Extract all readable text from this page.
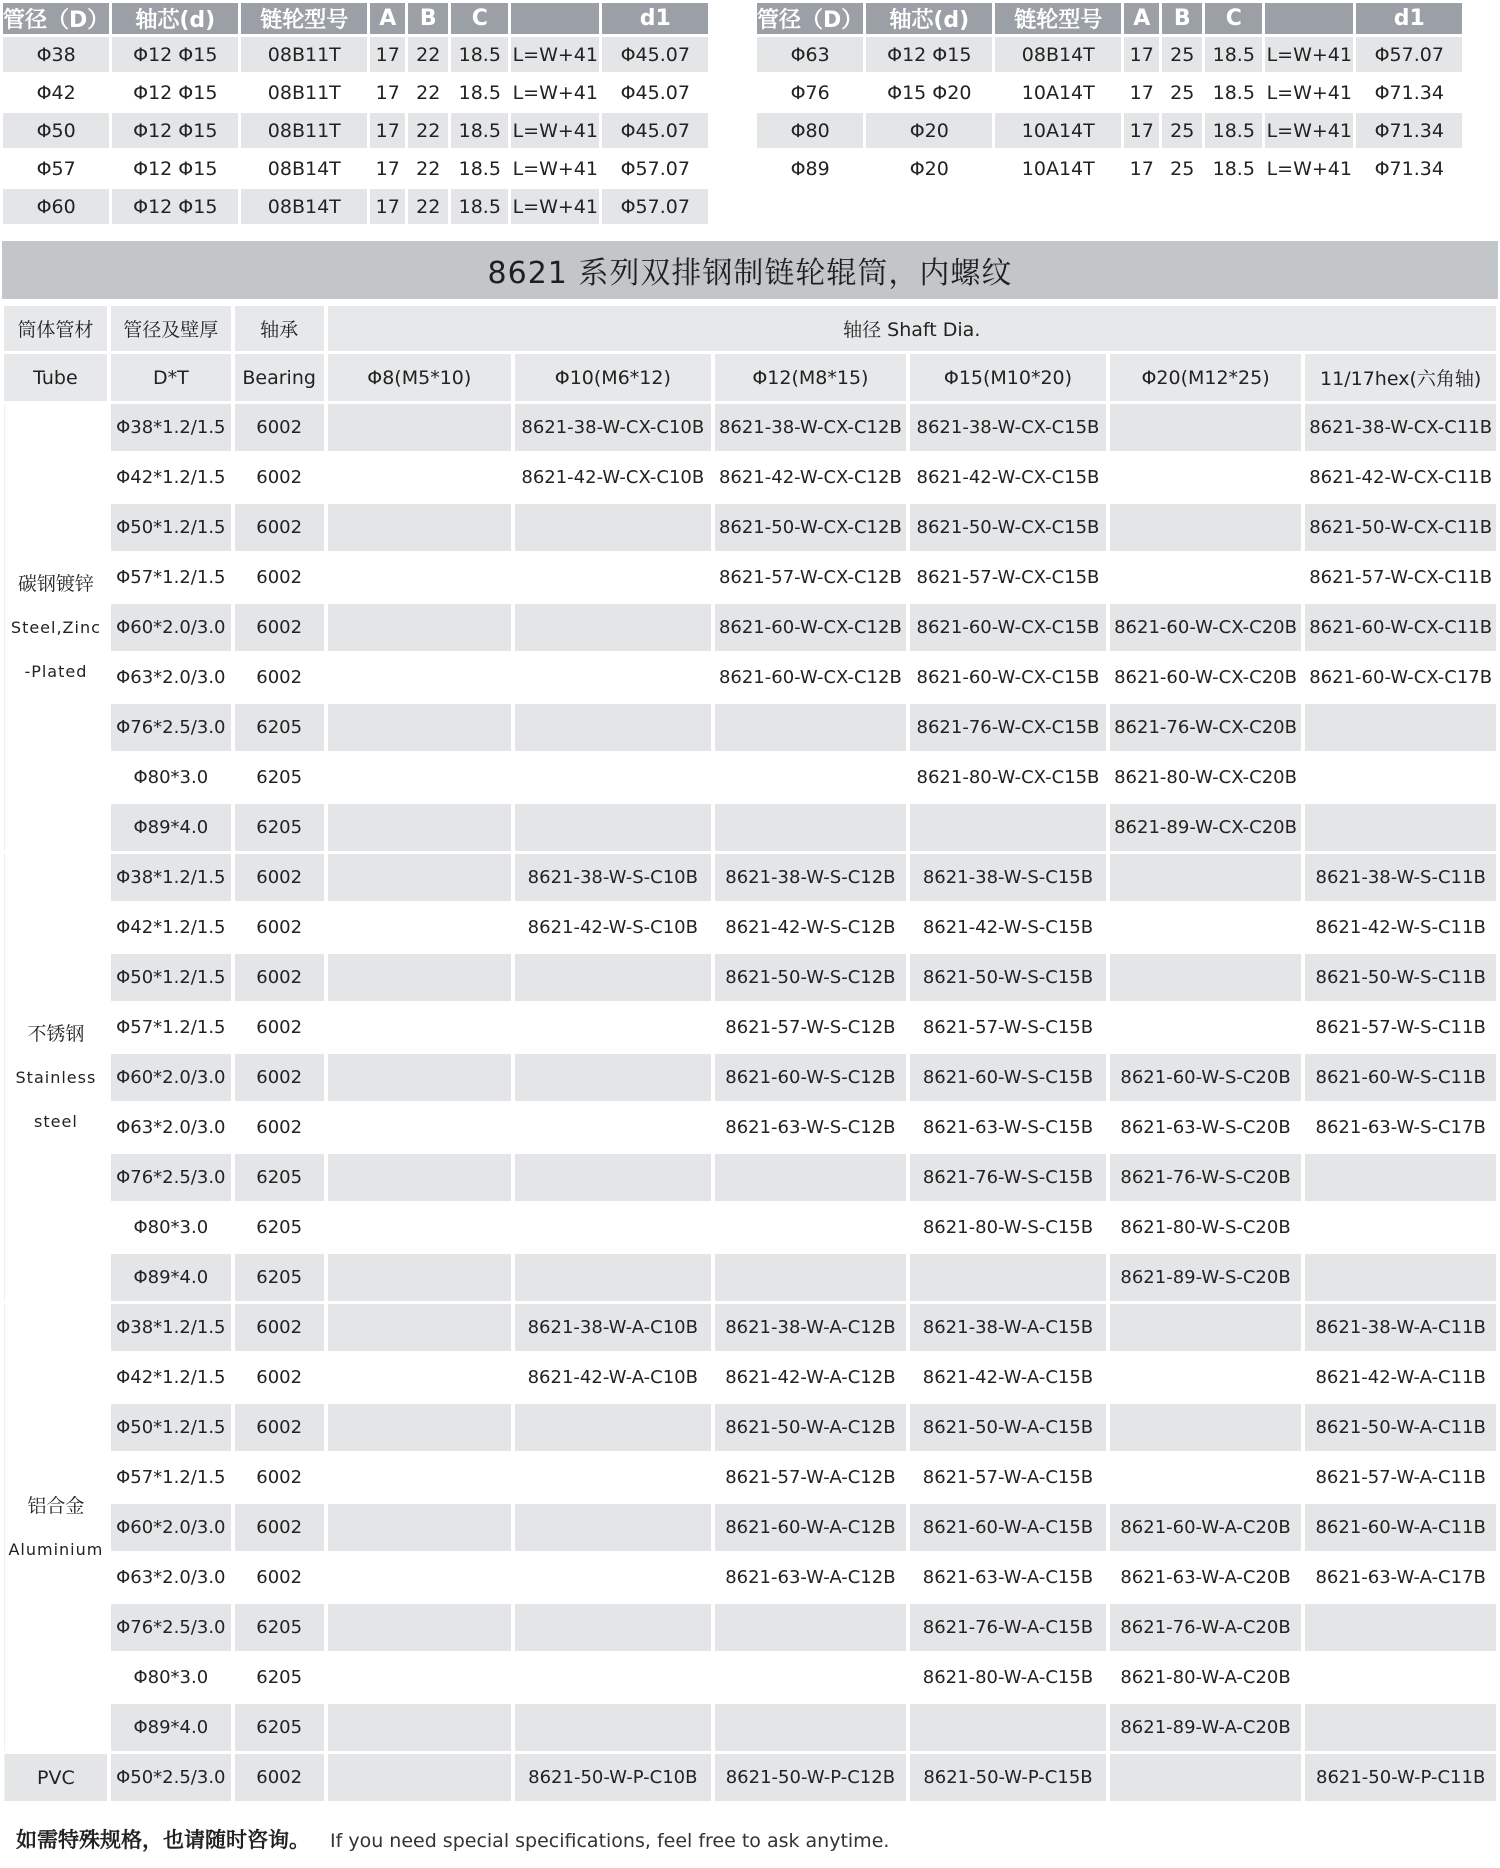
管径（D）	轴芯(d)	链轮型号	A	B	C		d1
Φ38	Φ12 Φ15	08B11T	17	22	18.5	L=W+41	Φ45.07
Φ42	Φ12 Φ15	08B11T	17	22	18.5	L=W+41	Φ45.07
Φ50	Φ12 Φ15	08B11T	17	22	18.5	L=W+41	Φ45.07
Φ57	Φ12 Φ15	08B14T	17	22	18.5	L=W+41	Φ57.07
Φ60	Φ12 Φ15	08B14T	17	22	18.5	L=W+41	Φ57.07
管径（D）	轴芯(d)	链轮型号	A	B	C		d1
Φ63	Φ12 Φ15	08B14T	17	25	18.5	L=W+41	Φ57.07
Φ76	Φ15 Φ20	10A14T	17	25	18.5	L=W+41	Φ71.34
Φ80	Φ20	10A14T	17	25	18.5	L=W+41	Φ71.34
Φ89	Φ20	10A14T	17	25	18.5	L=W+41	Φ71.34
8621 系列双排钢制链轮辊筒，内螺纹
筒体管材	管径及壁厚	轴承	轴径 Shaft Dia.					
Tube	D*T	Bearing	Φ8(M5*10)	Φ10(M6*12)	Φ12(M8*15)	Φ15(M10*20)	Φ20(M12*25)	11/17hex(六角轴)

碳钢镀锌
Steel,Zinc
-Plated	Φ38*1.2/1.5	6002		8621-38-W-CX-C10B	8621-38-W-CX-C12B	8621-38-W-CX-C15B		8621-38-W-CX-C11B
	Φ42*1.2/1.5	6002		8621-42-W-CX-C10B	8621-42-W-CX-C12B	8621-42-W-CX-C15B		8621-42-W-CX-C11B
	Φ50*1.2/1.5	6002			8621-50-W-CX-C12B	8621-50-W-CX-C15B		8621-50-W-CX-C11B
	Φ57*1.2/1.5	6002			8621-57-W-CX-C12B	8621-57-W-CX-C15B		8621-57-W-CX-C11B
	Φ60*2.0/3.0	6002			8621-60-W-CX-C12B	8621-60-W-CX-C15B	8621-60-W-CX-C20B	8621-60-W-CX-C11B
	Φ63*2.0/3.0	6002			8621-60-W-CX-C12B	8621-60-W-CX-C15B	8621-60-W-CX-C20B	8621-60-W-CX-C17B
	Φ76*2.5/3.0	6205				8621-76-W-CX-C15B	8621-76-W-CX-C20B	
	Φ80*3.0	6205				8621-80-W-CX-C15B	8621-80-W-CX-C20B	
	Φ89*4.0	6205					8621-89-W-CX-C20B	

不锈钢
Stainless
steel	Φ38*1.2/1.5	6002		8621-38-W-S-C10B	8621-38-W-S-C12B	8621-38-W-S-C15B		8621-38-W-S-C11B
	Φ42*1.2/1.5	6002		8621-42-W-S-C10B	8621-42-W-S-C12B	8621-42-W-S-C15B		8621-42-W-S-C11B
	Φ50*1.2/1.5	6002			8621-50-W-S-C12B	8621-50-W-S-C15B		8621-50-W-S-C11B
	Φ57*1.2/1.5	6002			8621-57-W-S-C12B	8621-57-W-S-C15B		8621-57-W-S-C11B
	Φ60*2.0/3.0	6002			8621-60-W-S-C12B	8621-60-W-S-C15B	8621-60-W-S-C20B	8621-60-W-S-C11B
	Φ63*2.0/3.0	6002			8621-63-W-S-C12B	8621-63-W-S-C15B	8621-63-W-S-C20B	8621-63-W-S-C17B
	Φ76*2.5/3.0	6205				8621-76-W-S-C15B	8621-76-W-S-C20B	
	Φ80*3.0	6205				8621-80-W-S-C15B	8621-80-W-S-C20B	
	Φ89*4.0	6205					8621-89-W-S-C20B	

铝合金
Aluminium	Φ38*1.2/1.5	6002		8621-38-W-A-C10B	8621-38-W-A-C12B	8621-38-W-A-C15B		8621-38-W-A-C11B
	Φ42*1.2/1.5	6002		8621-42-W-A-C10B	8621-42-W-A-C12B	8621-42-W-A-C15B		8621-42-W-A-C11B
	Φ50*1.2/1.5	6002			8621-50-W-A-C12B	8621-50-W-A-C15B		8621-50-W-A-C11B
	Φ57*1.2/1.5	6002			8621-57-W-A-C12B	8621-57-W-A-C15B		8621-57-W-A-C11B
	Φ60*2.0/3.0	6002			8621-60-W-A-C12B	8621-60-W-A-C15B	8621-60-W-A-C20B	8621-60-W-A-C11B
	Φ63*2.0/3.0	6002			8621-63-W-A-C12B	8621-63-W-A-C15B	8621-63-W-A-C20B	8621-63-W-A-C17B
	Φ76*2.5/3.0	6205				8621-76-W-A-C15B	8621-76-W-A-C20B	
	Φ80*3.0	6205				8621-80-W-A-C15B	8621-80-W-A-C20B	
	Φ89*4.0	6205					8621-89-W-A-C20B	
PVC	Φ50*2.5/3.0	6002		8621-50-W-P-C10B	8621-50-W-P-C12B	8621-50-W-P-C15B		8621-50-W-P-C11B
如需特殊规格，也请随时咨询。 If you need special specifications, feel free to ask anytime.
